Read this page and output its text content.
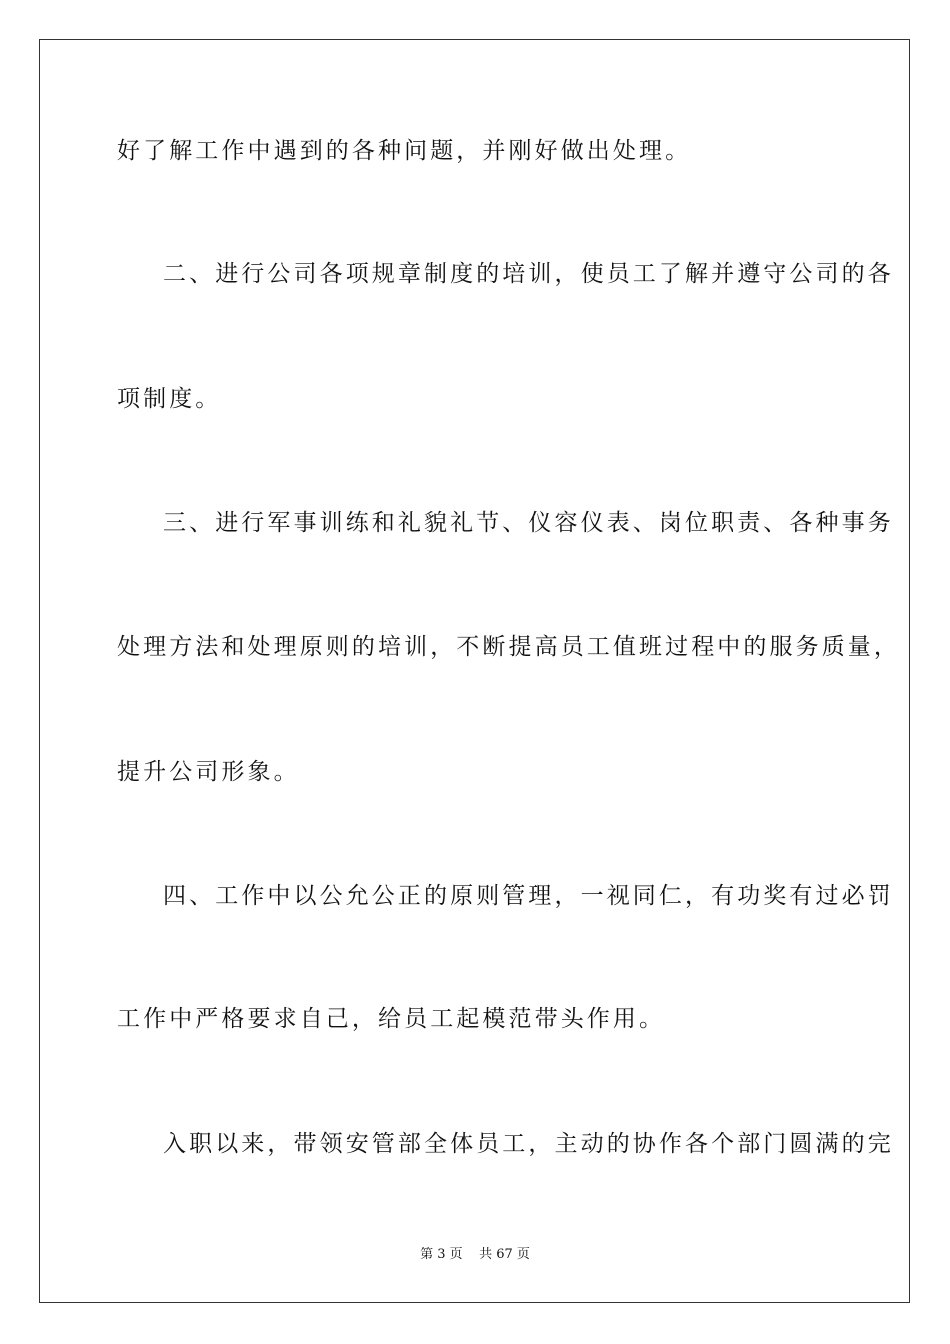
好了解工作中遇到的各种问题，并刚好做出处理。
二、进行公司各项规章制度的培训，使员工了解并遵守公司的各
项制度。
三、进行军事训练和礼貌礼节、仪容仪表、岗位职责、各种事务
处理方法和处理原则的培训，不断提高员工值班过程中的服务质量，
提升公司形象。
四、工作中以公允公正的原则管理，一视同仁，有功奖有过必罚
工作中严格要求自己，给员工起模范带头作用。
入职以来，带领安管部全体员工，主动的协作各个部门圆满的完
第 3 页    共 67 页
